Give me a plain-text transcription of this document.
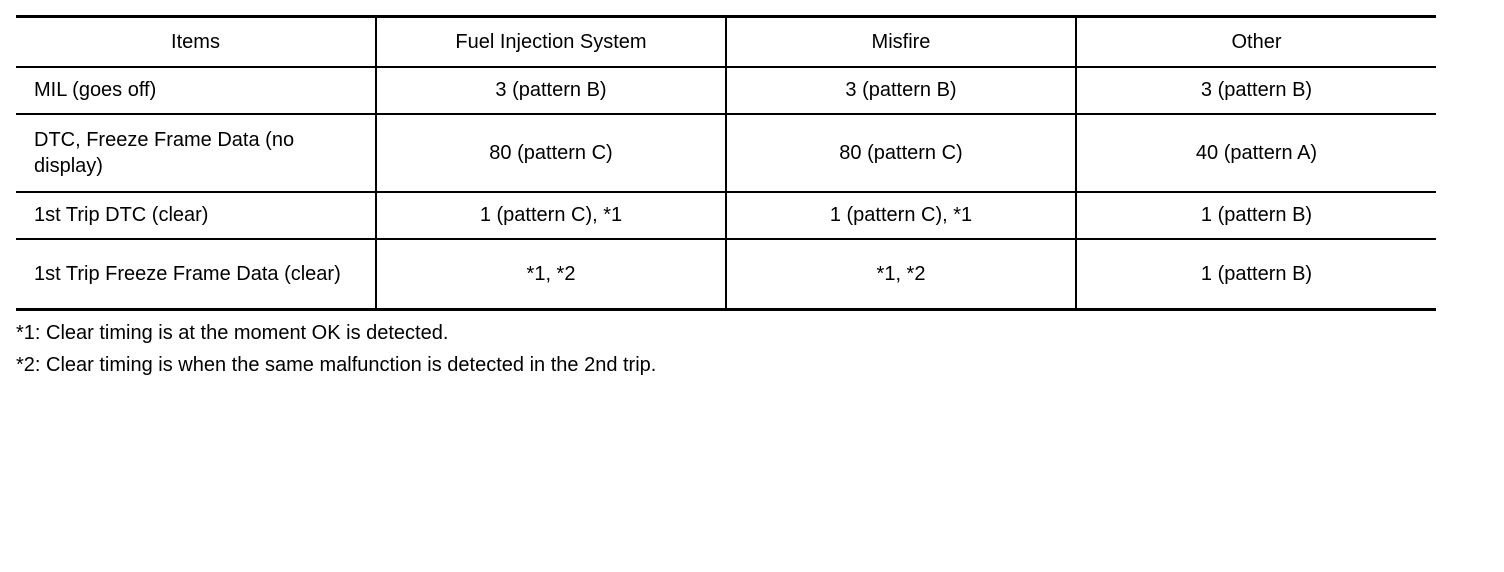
Items	Fuel Injection System	Misfire	Other
MIL (goes off)	3 (pattern B)	3 (pattern B)	3 (pattern B)
DTC, Freeze Frame Data (no display)	80 (pattern C)	80 (pattern C)	40 (pattern A)
1st Trip DTC (clear)	1 (pattern C), *1	1 (pattern C), *1	1 (pattern B)
1st Trip Freeze Frame Data (clear)	*1, *2	*1, *2	1 (pattern B)
*1: Clear timing is at the moment OK is detected.
*2: Clear timing is when the same malfunction is detected in the 2nd trip.
